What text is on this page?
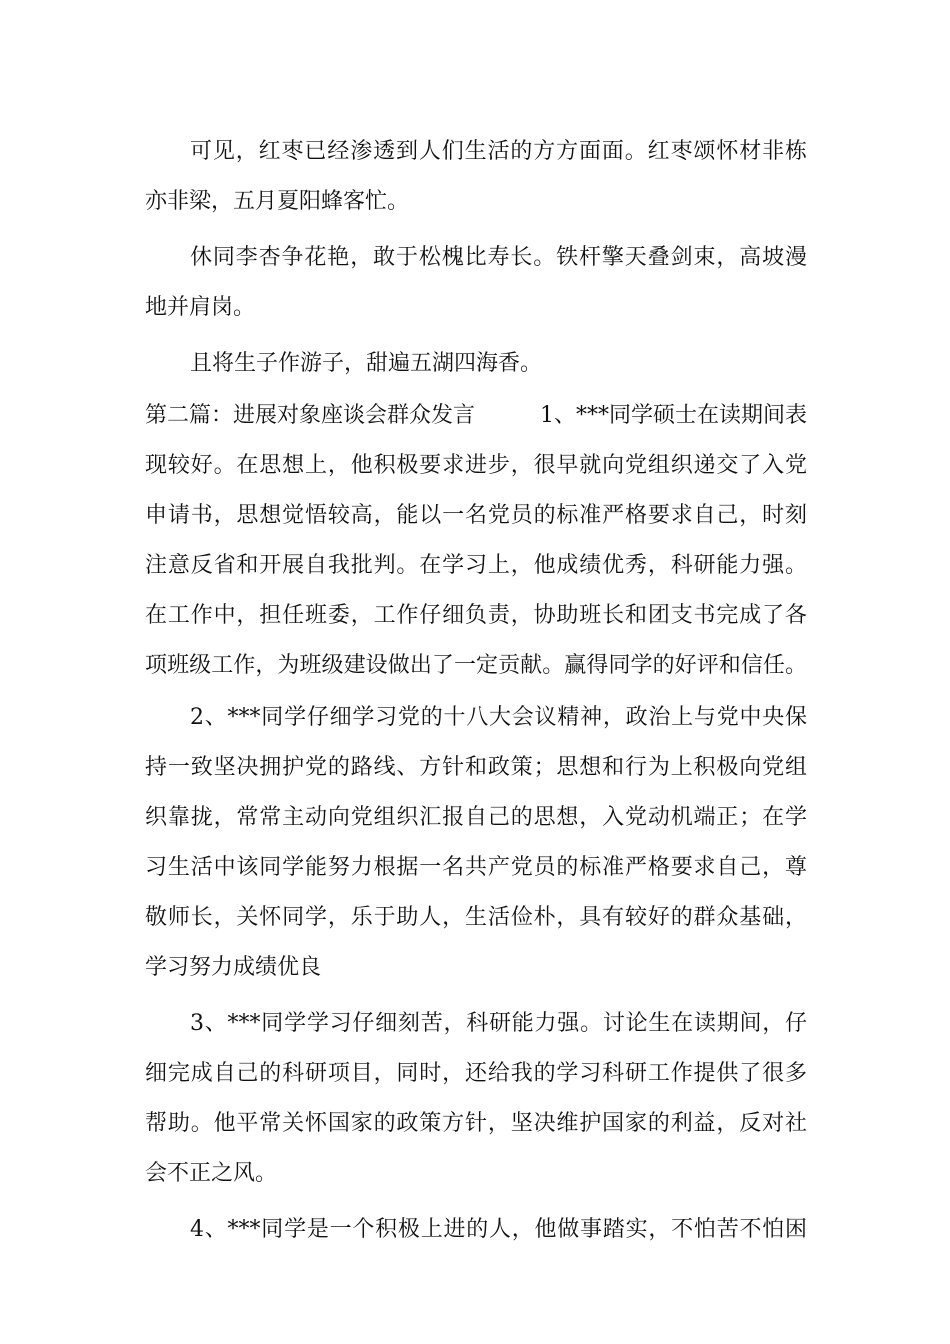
可见，红枣已经渗透到人们生活的方方面面。红枣颂怀材非栋
亦非梁，五月夏阳蜂客忙。
休同李杏争花艳，敢于松槐比寿长。铁杆擎天叠剑束，高坡漫
地并肩岗。
且将生子作游子，甜遍五湖四海香。
第二篇：进展对象座谈会群众发言	1、***同学硕士在读期间表
现较好。在思想上，他积极要求进步，很早就向党组织递交了入党
申请书，思想觉悟较高，能以一名党员的标准严格要求自己，时刻
注意反省和开展自我批判。在学习上，他成绩优秀，科研能力强。
在工作中，担任班委，工作仔细负责，协助班长和团支书完成了各
项班级工作，为班级建设做出了一定贡献。赢得同学的好评和信任。
2、***同学仔细学习党的十八大会议精神，政治上与党中央保
持一致坚决拥护党的路线、方针和政策；思想和行为上积极向党组
织靠拢，常常主动向党组织汇报自己的思想，入党动机端正；在学
习生活中该同学能努力根据一名共产党员的标准严格要求自己，尊
敬师长，关怀同学，乐于助人，生活俭朴，具有较好的群众基础，
学习努力成绩优良
3、***同学学习仔细刻苦，科研能力强。讨论生在读期间，仔
细完成自己的科研项目，同时，还给我的学习科研工作提供了很多
帮助。他平常关怀国家的政策方针，坚决维护国家的利益，反对社
会不正之风。
4、***同学是一个积极上进的人，他做事踏实，不怕苦不怕困
